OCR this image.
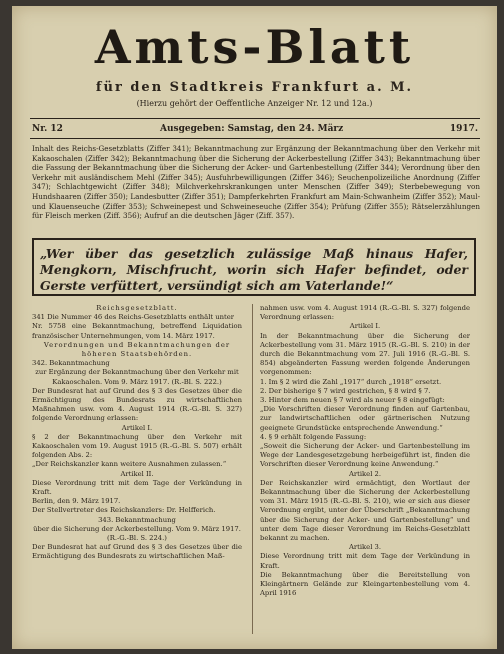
Amts-Blatt
für den Stadtkreis Frankfurt a. M.
(Hierzu gehört der Oeffentliche Anzeiger Nr. 12 und 12a.)
Nr. 12	Ausgegeben: Samstag, den 24. März	1917.
Inhalt des Reichs-Gesetzblatts (Ziffer 341); Bekanntmachung zur Ergänzung der Bekanntmachung über den Verkehr mit Kakaoschalen (Ziffer 342); Bekanntmachung über die Sicherung der Ackerbestellung (Ziffer 343); Bekanntmachung über die Fassung der Bekanntmachung über die Sicherung der Acker- und Gartenbestellung (Ziffer 344); Verordnung über den Verkehr mit ausländischem Mehl (Ziffer 345); Ausfuhrbewilligungen (Ziffer 346); Seuchenpolizeiliche Anordnung (Ziffer 347); Schlachtgewicht (Ziffer 348); Milchverkehrskrankungen unter Menschen (Ziffer 349); Sterbebewegung von Hundshaaren (Ziffer 350); Landesbutter (Ziffer 351); Dampferkehrten Frankfurt am Main-Schwanheim (Ziffer 352); Maul- und Klauenseuche (Ziffer 353); Schweinepest und Schweineseuche (Ziffer 354); Prüfung (Ziffer 355); Rätselerzählungen für Fleisch merken (Ziff. 356); Aufruf an die deutschen Jäger (Ziff. 357).
„Wer über das gesetzlich zulässige Maß hinaus Hafer, Mengkorn, Mischfrucht, worin sich Hafer befindet, oder Gerste verfüttert, versündigt sich am Vaterlande!“

Reichsgesetzblatt.

341 Die Nummer 46 des Reichs-Gesetzblatts enthält unter

Nr. 5758 eine Bekanntmachung, betreffend Liquidation französischer Unternehmungen, vom 14. März 1917.

Verordnungen und Bekanntmachungen der höheren Staatsbehörden.

342. Bekanntmachung

zur Ergänzung der Bekanntmachung über den Verkehr mit Kakaoschalen. Vom 9. März 1917. (R.-Bl. S. 222.)

Der Bundesrat hat auf Grund des § 3 des Gesetzes über die Ermächtigung des Bundesrats zu wirtschaftlichen Maßnahmen usw. vom 4. August 1914 (R.-G.-Bl. S. 327) folgende Verordnung erlassen:

Artikel I.

§ 2 der Bekanntmachung über den Verkehr mit Kakaoschalen vom 19. August 1915 (R.-G.-Bl. S. 507) erhält folgenden Abs. 2:

„Der Reichskanzler kann weitere Ausnahmen zulassen.“

Artikel II.

Diese Verordnung tritt mit dem Tage der Verkündung in Kraft.

Berlin, den 9. März 1917.

Der Stellvertreter des Reichskanzlers: Dr. Helfferich.

343. Bekanntmachung

über die Sicherung der Ackerbestellung. Vom 9. März 1917. (R.-G.-Bl. S. 224.)

Der Bundesrat hat auf Grund des § 3 des Gesetzes über die Ermächtigung des Bundesrats zu wirtschaftlichen Maß-

nahmen usw. vom 4. August 1914 (R.-G.-Bl. S. 327) folgende Verordnung erlassen:

Artikel I.

In der Bekanntmachung über die Sicherung der Ackerbestellung vom 31. März 1915 (R.-G.-Bl. S. 210) in der durch die Bekanntmachung vom 27. Juli 1916 (R.-G.-Bl. S. 854) abgeänderten Fassung werden folgende Änderungen vorgenommen:

1. Im § 2 wird die Zahl „1917“ durch „1918“ ersetzt.

2. Der bisherige § 7 wird gestrichen, § 8 wird § 7.

3. Hinter dem neuen § 7 wird als neuer § 8 eingefügt:

„Die Vorschriften dieser Verordnung finden auf Gartenbau, zur landwirtschaftlichen oder gärtnerischen Nutzung geeignete Grundstücke entsprechende Anwendung.“

4. § 9 erhält folgende Fassung:

„Soweit die Sicherung der Acker- und Gartenbestellung im Wege der Landesgesetzgebung herbeigeführt ist, finden die Vorschriften dieser Verordnung keine Anwendung.“

Artikel 2.

Der Reichskanzler wird ermächtigt, den Wortlaut der Bekanntmachung über die Sicherung der Ackerbestellung vom 31. März 1915 (R.-G.-Bl. S. 210), wie er sich aus dieser Verordnung ergibt, unter der Überschrift „Bekanntmachung über die Sicherung der Acker- und Gartenbestellung“ und unter dem Tage dieser Verordnung im Reichs-Gesetzblatt bekannt zu machen.

Artikel 3.

Diese Verordnung tritt mit dem Tage der Verkündung in Kraft.

Die Bekanntmachung über die Bereitstellung von Kleingärtnern Gelände zur Kleingartenbestellung vom 4. April 1916
